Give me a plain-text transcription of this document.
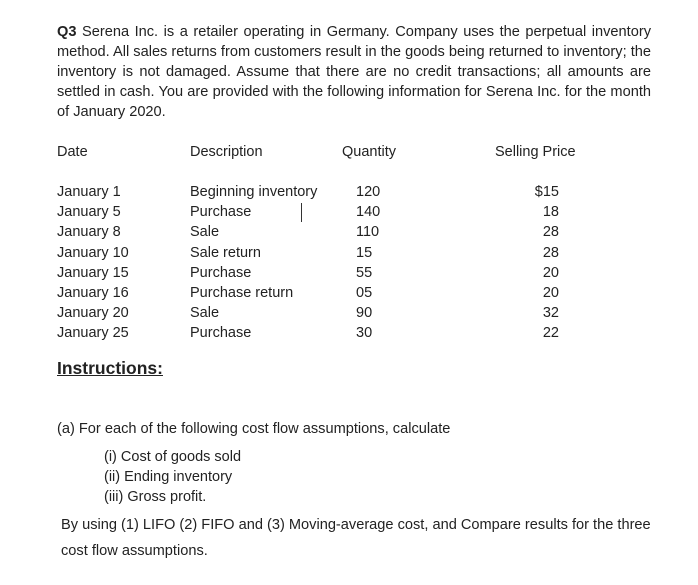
Q3 Serena Inc. is a retailer operating in Germany. Company uses the perpetual inventory method. All sales returns from customers result in the goods being returned to inventory; the inventory is not damaged. Assume that there are no credit transactions; all amounts are settled in cash. You are provided with the following information for Serena Inc. for the month of January 2020.
Date	Description	Quantity	Selling Price
January 1	Beginning inventory	120	$15
January 5	Purchase	140	18
January 8	Sale	110	28
January 10	Sale return	15	28
January 15	Purchase	55	20
January 16	Purchase return	05	20
January 20	Sale	90	32
January 25	Purchase	30	22
Instructions:
(a) For each of the following cost flow assumptions, calculate
(i) Cost of goods sold
(ii) Ending inventory
(iii) Gross profit.
By using (1) LIFO (2) FIFO and (3) Moving-average cost, and Compare results for the three cost flow assumptions.
